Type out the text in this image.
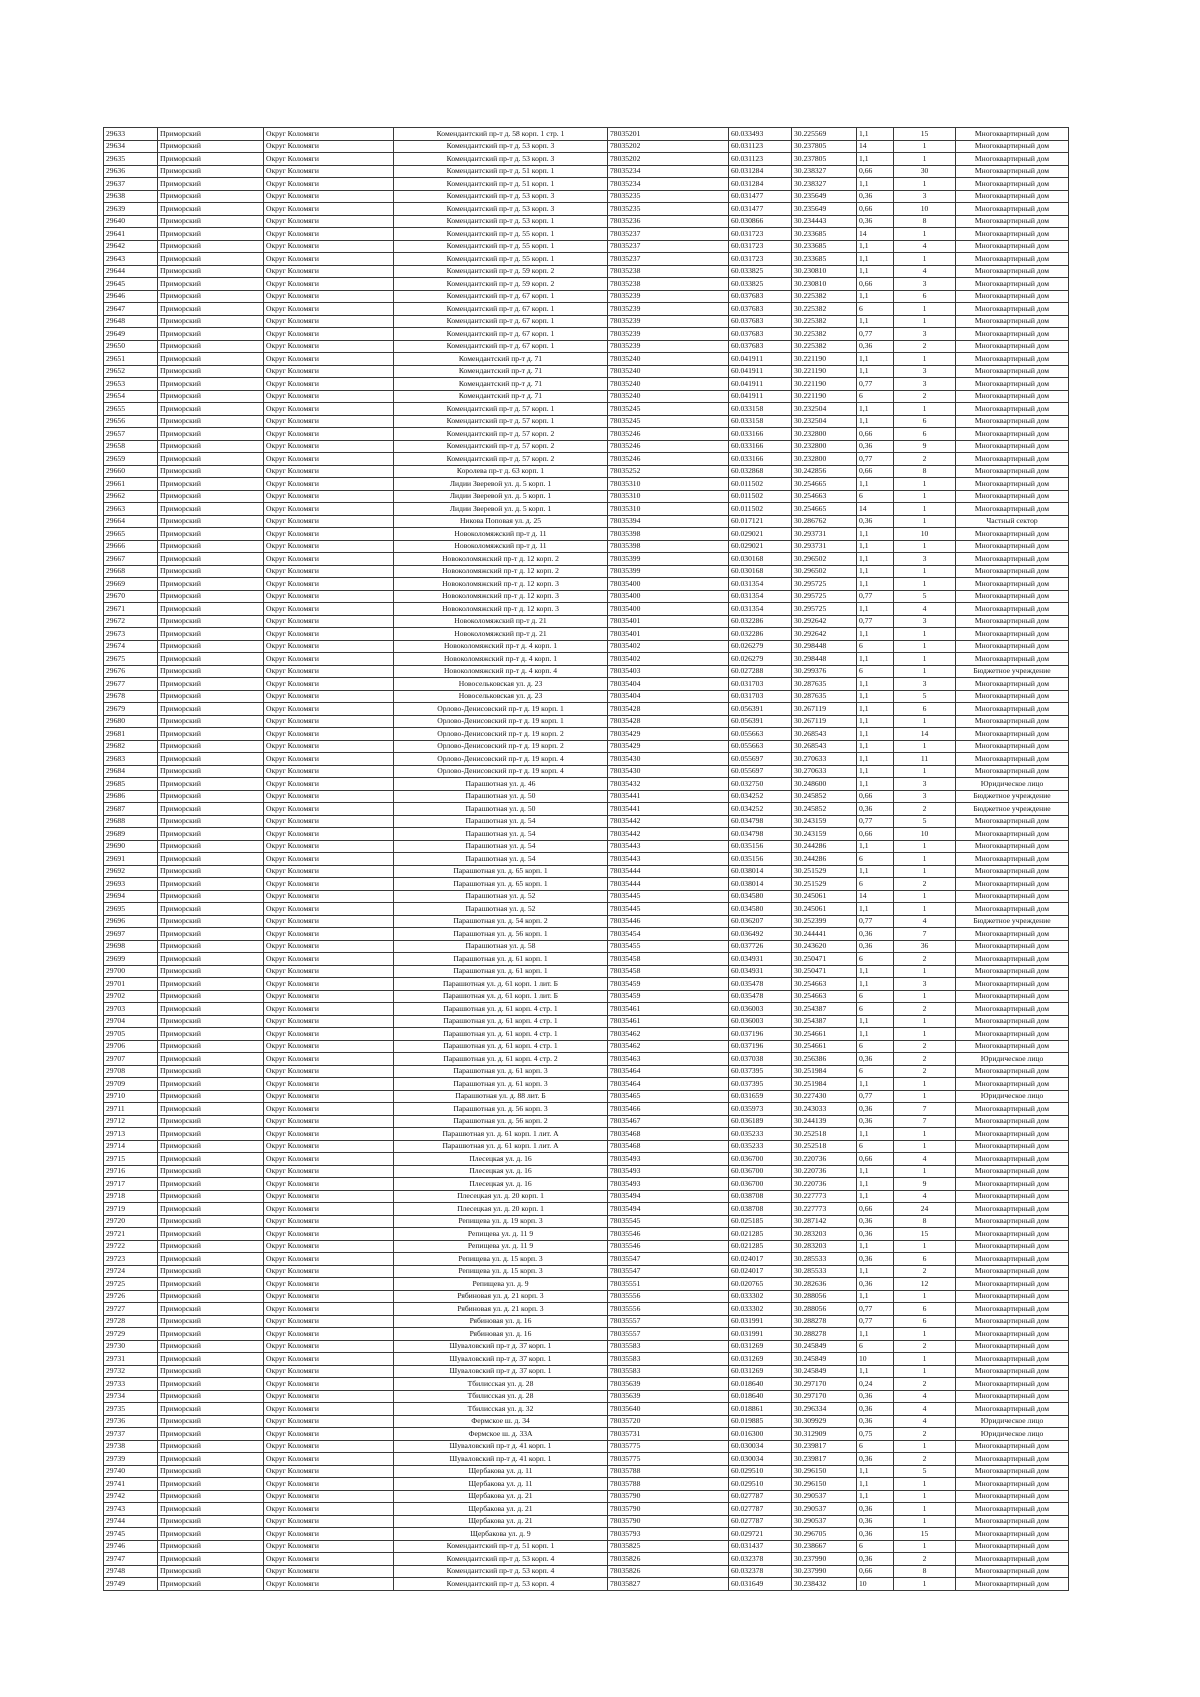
29633	Приморский	Округ Коломяги	Комендантский пр-т д. 58 корп. 1 стр. 1	78035201	60.033493	30.225569	1,1	15	Многоквартирный дом
29634	Приморский	Округ Коломяги	Комендантский пр-т д. 53 корп. 3	78035202	60.031123	30.237805	14	1	Многоквартирный дом
29635	Приморский	Округ Коломяги	Комендантский пр-т д. 53 корп. 3	78035202	60.031123	30.237805	1,1	1	Многоквартирный дом
29636	Приморский	Округ Коломяги	Комендантский пр-т д. 51 корп. 1	78035234	60.031284	30.238327	0,66	30	Многоквартирный дом
29637	Приморский	Округ Коломяги	Комендантский пр-т д. 51 корп. 1	78035234	60.031284	30.238327	1,1	1	Многоквартирный дом
29638	Приморский	Округ Коломяги	Комендантский пр-т д. 53 корп. 3	78035235	60.031477	30.235649	0,36	3	Многоквартирный дом
29639	Приморский	Округ Коломяги	Комендантский пр-т д. 53 корп. 3	78035235	60.031477	30.235649	0,66	10	Многоквартирный дом
29640	Приморский	Округ Коломяги	Комендантский пр-т д. 53 корп. 1	78035236	60.030866	30.234443	0,36	8	Многоквартирный дом
29641	Приморский	Округ Коломяги	Комендантский пр-т д. 55 корп. 1	78035237	60.031723	30.233685	14	1	Многоквартирный дом
29642	Приморский	Округ Коломяги	Комендантский пр-т д. 55 корп. 1	78035237	60.031723	30.233685	1,1	4	Многоквартирный дом
29643	Приморский	Округ Коломяги	Комендантский пр-т д. 55 корп. 1	78035237	60.031723	30.233685	1,1	1	Многоквартирный дом
29644	Приморский	Округ Коломяги	Комендантский пр-т д. 59 корп. 2	78035238	60.033825	30.230810	1,1	4	Многоквартирный дом
29645	Приморский	Округ Коломяги	Комендантский пр-т д. 59 корп. 2	78035238	60.033825	30.230810	0,66	3	Многоквартирный дом
29646	Приморский	Округ Коломяги	Комендантский пр-т д. 67 корп. 1	78035239	60.037683	30.225382	1,1	6	Многоквартирный дом
29647	Приморский	Округ Коломяги	Комендантский пр-т д. 67 корп. 1	78035239	60.037683	30.225382	6	1	Многоквартирный дом
29648	Приморский	Округ Коломяги	Комендантский пр-т д. 67 корп. 1	78035239	60.037683	30.225382	1,1	1	Многоквартирный дом
29649	Приморский	Округ Коломяги	Комендантский пр-т д. 67 корп. 1	78035239	60.037683	30.225382	0,77	3	Многоквартирный дом
29650	Приморский	Округ Коломяги	Комендантский пр-т д. 67 корп. 1	78035239	60.037683	30.225382	0,36	2	Многоквартирный дом
29651	Приморский	Округ Коломяги	Комендантский пр-т д. 71	78035240	60.041911	30.221190	1,1	1	Многоквартирный дом
29652	Приморский	Округ Коломяги	Комендантский пр-т д. 71	78035240	60.041911	30.221190	1,1	3	Многоквартирный дом
29653	Приморский	Округ Коломяги	Комендантский пр-т д. 71	78035240	60.041911	30.221190	0,77	3	Многоквартирный дом
29654	Приморский	Округ Коломяги	Комендантский пр-т д. 71	78035240	60.041911	30.221190	6	2	Многоквартирный дом
29655	Приморский	Округ Коломяги	Комендантский пр-т д. 57 корп. 1	78035245	60.033158	30.232504	1,1	1	Многоквартирный дом
29656	Приморский	Округ Коломяги	Комендантский пр-т д. 57 корп. 1	78035245	60.033158	30.232504	1,1	6	Многоквартирный дом
29657	Приморский	Округ Коломяги	Комендантский пр-т д. 57 корп. 2	78035246	60.033166	30.232800	0,66	6	Многоквартирный дом
29658	Приморский	Округ Коломяги	Комендантский пр-т д. 57 корп. 2	78035246	60.033166	30.232800	0,36	9	Многоквартирный дом
29659	Приморский	Округ Коломяги	Комендантский пр-т д. 57 корп. 2	78035246	60.033166	30.232800	0,77	2	Многоквартирный дом
29660	Приморский	Округ Коломяги	Королева пр-т д. 63 корп. 1	78035252	60.032868	30.242856	0,66	8	Многоквартирный дом
29661	Приморский	Округ Коломяги	Лидии Зверевой ул. д. 5 корп. 1	78035310	60.011502	30.254665	1,1	1	Многоквартирный дом
29662	Приморский	Округ Коломяги	Лидии Зверевой ул. д. 5 корп. 1	78035310	60.011502	30.254663	6	1	Многоквартирный дом
29663	Приморский	Округ Коломяги	Лидии Зверевой ул. д. 5 корп. 1	78035310	60.011502	30.254665	14	1	Многоквартирный дом
29664	Приморский	Округ Коломяги	Никова Поповая ул. д. 25	78035394	60.017121	30.286762	0,36	1	Частный сектор
29665	Приморский	Округ Коломяги	Новоколомяжский пр-т д. 11	78035398	60.029021	30.293731	1,1	10	Многоквартирный дом
29666	Приморский	Округ Коломяги	Новоколомяжский пр-т д. 11	78035398	60.029021	30.293731	1,1	1	Многоквартирный дом
29667	Приморский	Округ Коломяги	Новоколомяжский пр-т д. 12 корп. 2	78035399	60.030168	30.296502	1,1	3	Многоквартирный дом
29668	Приморский	Округ Коломяги	Новоколомяжский пр-т д. 12 корп. 2	78035399	60.030168	30.296502	1,1	1	Многоквартирный дом
29669	Приморский	Округ Коломяги	Новоколомяжский пр-т д. 12 корп. 3	78035400	60.031354	30.295725	1,1	1	Многоквартирный дом
29670	Приморский	Округ Коломяги	Новоколомяжский пр-т д. 12 корп. 3	78035400	60.031354	30.295725	0,77	5	Многоквартирный дом
29671	Приморский	Округ Коломяги	Новоколомяжский пр-т д. 12 корп. 3	78035400	60.031354	30.295725	1,1	4	Многоквартирный дом
29672	Приморский	Округ Коломяги	Новоколомяжский пр-т д. 21	78035401	60.032286	30.292642	0,77	3	Многоквартирный дом
29673	Приморский	Округ Коломяги	Новоколомяжский пр-т д. 21	78035401	60.032286	30.292642	1,1	1	Многоквартирный дом
29674	Приморский	Округ Коломяги	Новоколомяжский пр-т д. 4 корп. 1	78035402	60.026279	30.298448	6	1	Многоквартирный дом
29675	Приморский	Округ Коломяги	Новоколомяжский пр-т д. 4 корп. 1	78035402	60.026279	30.298448	1,1	1	Многоквартирный дом
29676	Приморский	Округ Коломяги	Новоколомяжский пр-т д. 4 корп. 4	78035403	60.027288	30.299376	6	1	Бюджетное учреждение
29677	Приморский	Округ Коломяги	Новосельковская ул. д. 23	78035404	60.031703	30.287635	1,1	3	Многоквартирный дом
29678	Приморский	Округ Коломяги	Новосельковская ул. д. 23	78035404	60.031703	30.287635	1,1	5	Многоквартирный дом
29679	Приморский	Округ Коломяги	Орлово-Денисовский пр-т д. 19 корп. 1	78035428	60.056391	30.267119	1,1	6	Многоквартирный дом
29680	Приморский	Округ Коломяги	Орлово-Денисовский пр-т д. 19 корп. 1	78035428	60.056391	30.267119	1,1	1	Многоквартирный дом
29681	Приморский	Округ Коломяги	Орлово-Денисовский пр-т д. 19 корп. 2	78035429	60.055663	30.268543	1,1	14	Многоквартирный дом
29682	Приморский	Округ Коломяги	Орлово-Денисовский пр-т д. 19 корп. 2	78035429	60.055663	30.268543	1,1	1	Многоквартирный дом
29683	Приморский	Округ Коломяги	Орлово-Денисовский пр-т д. 19 корп. 4	78035430	60.055697	30.270633	1,1	11	Многоквартирный дом
29684	Приморский	Округ Коломяги	Орлово-Денисовский пр-т д. 19 корп. 4	78035430	60.055697	30.270633	1,1	1	Многоквартирный дом
29685	Приморский	Округ Коломяги	Парашютная ул. д. 46	78035432	60.032750	30.248600	1,1	3	Юридическое лицо
29686	Приморский	Округ Коломяги	Парашютная ул. д. 50	78035441	60.034252	30.245852	0,66	3	Бюджетное учреждение
29687	Приморский	Округ Коломяги	Парашютная ул. д. 50	78035441	60.034252	30.245852	0,36	2	Бюджетное учреждение
29688	Приморский	Округ Коломяги	Парашютная ул. д. 54	78035442	60.034798	30.243159	0,77	5	Многоквартирный дом
29689	Приморский	Округ Коломяги	Парашютная ул. д. 54	78035442	60.034798	30.243159	0,66	10	Многоквартирный дом
29690	Приморский	Округ Коломяги	Парашютная ул. д. 54	78035443	60.035156	30.244286	1,1	1	Многоквартирный дом
29691	Приморский	Округ Коломяги	Парашютная ул. д. 54	78035443	60.035156	30.244286	6	1	Многоквартирный дом
29692	Приморский	Округ Коломяги	Парашютная ул. д. 65 корп. 1	78035444	60.038014	30.251529	1,1	1	Многоквартирный дом
29693	Приморский	Округ Коломяги	Парашютная ул. д. 65 корп. 1	78035444	60.038014	30.251529	6	2	Многоквартирный дом
29694	Приморский	Округ Коломяги	Парашютная ул. д. 52	78035445	60.034580	30.245061	14	1	Многоквартирный дом
29695	Приморский	Округ Коломяги	Парашютная ул. д. 52	78035445	60.034580	30.245061	1,1	1	Многоквартирный дом
29696	Приморский	Округ Коломяги	Парашютная ул. д. 54 корп. 2	78035446	60.036207	30.252399	0,77	4	Бюджетное учреждение
29697	Приморский	Округ Коломяги	Парашютная ул. д. 56 корп. 1	78035454	60.036492	30.244441	0,36	7	Многоквартирный дом
29698	Приморский	Округ Коломяги	Парашютная ул. д. 58	78035455	60.037726	30.243620	0,36	36	Многоквартирный дом
29699	Приморский	Округ Коломяги	Парашютная ул. д. 61 корп. 1	78035458	60.034931	30.250471	6	2	Многоквартирный дом
29700	Приморский	Округ Коломяги	Парашютная ул. д. 61 корп. 1	78035458	60.034931	30.250471	1,1	1	Многоквартирный дом
29701	Приморский	Округ Коломяги	Парашютная ул. д. 61 корп. 1 лит. Б	78035459	60.035478	30.254663	1,1	3	Многоквартирный дом
29702	Приморский	Округ Коломяги	Парашютная ул. д. 61 корп. 1 лит. Б	78035459	60.035478	30.254663	6	1	Многоквартирный дом
29703	Приморский	Округ Коломяги	Парашютная ул. д. 61 корп. 4 стр. 1	78035461	60.036003	30.254387	6	2	Многоквартирный дом
29704	Приморский	Округ Коломяги	Парашютная ул. д. 61 корп. 4 стр. 1	78035461	60.036003	30.254387	1,1	1	Многоквартирный дом
29705	Приморский	Округ Коломяги	Парашютная ул. д. 61 корп. 4 стр. 1	78035462	60.037196	30.254661	1,1	1	Многоквартирный дом
29706	Приморский	Округ Коломяги	Парашютная ул. д. 61 корп. 4 стр. 1	78035462	60.037196	30.254661	6	2	Многоквартирный дом
29707	Приморский	Округ Коломяги	Парашютная ул. д. 61 корп. 4 стр. 2	78035463	60.037038	30.256386	0,36	2	Юридическое лицо
29708	Приморский	Округ Коломяги	Парашютная ул. д. 61 корп. 3	78035464	60.037395	30.251984	6	2	Многоквартирный дом
29709	Приморский	Округ Коломяги	Парашютная ул. д. 61 корп. 3	78035464	60.037395	30.251984	1,1	1	Многоквартирный дом
29710	Приморский	Округ Коломяги	Парашютная ул. д. 88 лит. Б	78035465	60.031659	30.227430	0,77	1	Юридическое лицо
29711	Приморский	Округ Коломяги	Парашютная ул. д. 56 корп. 3	78035466	60.035973	30.243033	0,36	7	Многоквартирный дом
29712	Приморский	Округ Коломяги	Парашютная ул. д. 56 корп. 2	78035467	60.036189	30.244139	0,36	7	Многоквартирный дом
29713	Приморский	Округ Коломяги	Парашютная ул. д. 61 корп. 1 лит. А	78035468	60.035233	30.252518	1,1	1	Многоквартирный дом
29714	Приморский	Округ Коломяги	Парашютная ул. д. 61 корп. 1 лит. А	78035468	60.035233	30.252518	6	1	Многоквартирный дом
29715	Приморский	Округ Коломяги	Плесецкая ул. д. 16	78035493	60.036700	30.220736	0,66	4	Многоквартирный дом
29716	Приморский	Округ Коломяги	Плесецкая ул. д. 16	78035493	60.036700	30.220736	1,1	1	Многоквартирный дом
29717	Приморский	Округ Коломяги	Плесецкая ул. д. 16	78035493	60.036700	30.220736	1,1	9	Многоквартирный дом
29718	Приморский	Округ Коломяги	Плесецкая ул. д. 20 корп. 1	78035494	60.038708	30.227773	1,1	4	Многоквартирный дом
29719	Приморский	Округ Коломяги	Плесецкая ул. д. 20 корп. 1	78035494	60.038708	30.227773	0,66	24	Многоквартирный дом
29720	Приморский	Округ Коломяги	Репищева ул. д. 19 корп. 3	78035545	60.025185	30.287142	0,36	8	Многоквартирный дом
29721	Приморский	Округ Коломяги	Репищева ул. д. 11 9	78035546	60.021285	30.283203	0,36	15	Многоквартирный дом
29722	Приморский	Округ Коломяги	Репищева ул. д. 11 9	78035546	60.021285	30.283203	1,1	1	Многоквартирный дом
29723	Приморский	Округ Коломяги	Репищева ул. д. 15 корп. 3	78035547	60.024017	30.285533	0,36	6	Многоквартирный дом
29724	Приморский	Округ Коломяги	Репищева ул. д. 15 корп. 3	78035547	60.024017	30.285533	1,1	2	Многоквартирный дом
29725	Приморский	Округ Коломяги	Репищева ул. д. 9	78035551	60.020765	30.282636	0,36	12	Многоквартирный дом
29726	Приморский	Округ Коломяги	Рябиновая ул. д. 21 корп. 3	78035556	60.033302	30.288056	1,1	1	Многоквартирный дом
29727	Приморский	Округ Коломяги	Рябиновая ул. д. 21 корп. 3	78035556	60.033302	30.288056	0,77	6	Многоквартирный дом
29728	Приморский	Округ Коломяги	Рябиновая ул. д. 16	78035557	60.031991	30.288278	0,77	6	Многоквартирный дом
29729	Приморский	Округ Коломяги	Рябиновая ул. д. 16	78035557	60.031991	30.288278	1,1	1	Многоквартирный дом
29730	Приморский	Округ Коломяги	Шуваловский пр-т д. 37 корп. 1	78035583	60.031269	30.245849	6	2	Многоквартирный дом
29731	Приморский	Округ Коломяги	Шуваловский пр-т д. 37 корп. 1	78035583	60.031269	30.245849	10	1	Многоквартирный дом
29732	Приморский	Округ Коломяги	Шуваловский пр-т д. 37 корп. 1	78035583	60.031269	30.245849	1,1	1	Многоквартирный дом
29733	Приморский	Округ Коломяги	Тбилисская ул. д. 28	78035639	60.018640	30.297170	0,24	2	Многоквартирный дом
29734	Приморский	Округ Коломяги	Тбилисская ул. д. 28	78035639	60.018640	30.297170	0,36	4	Многоквартирный дом
29735	Приморский	Округ Коломяги	Тбилисская ул. д. 32	78035640	60.018861	30.296334	0,36	4	Многоквартирный дом
29736	Приморский	Округ Коломяги	Фермское ш. д. 34	78035720	60.019885	30.309929	0,36	4	Юридическое лицо
29737	Приморский	Округ Коломяги	Фермское ш. д. 33А	78035731	60.016300	30.312909	0,75	2	Юридическое лицо
29738	Приморский	Округ Коломяги	Шуваловский пр-т д. 41 корп. 1	78035775	60.030034	30.239817	6	1	Многоквартирный дом
29739	Приморский	Округ Коломяги	Шуваловский пр-т д. 41 корп. 1	78035775	60.030034	30.239817	0,36	2	Многоквартирный дом
29740	Приморский	Округ Коломяги	Щербакова ул. д. 11	78035788	60.029510	30.296150	1,1	5	Многоквартирный дом
29741	Приморский	Округ Коломяги	Щербакова ул. д. 11	78035788	60.029510	30.296150	1,1	1	Многоквартирный дом
29742	Приморский	Округ Коломяги	Щербакова ул. д. 21	78035790	60.027787	30.290537	1,1	1	Многоквартирный дом
29743	Приморский	Округ Коломяги	Щербакова ул. д. 21	78035790	60.027787	30.290537	0,36	1	Многоквартирный дом
29744	Приморский	Округ Коломяги	Щербакова ул. д. 21	78035790	60.027787	30.290537	0,36	1	Многоквартирный дом
29745	Приморский	Округ Коломяги	Щербакова ул. д. 9	78035793	60.029721	30.296705	0,36	15	Многоквартирный дом
29746	Приморский	Округ Коломяги	Комендантский пр-т д. 51 корп. 1	78035825	60.031437	30.238667	6	1	Многоквартирный дом
29747	Приморский	Округ Коломяги	Комендантский пр-т д. 53 корп. 4	78035826	60.032378	30.237990	0,36	2	Многоквартирный дом
29748	Приморский	Округ Коломяги	Комендантский пр-т д. 53 корп. 4	78035826	60.032378	30.237990	0,66	8	Многоквартирный дом
29749	Приморский	Округ Коломяги	Комендантский пр-т д. 53 корп. 4	78035827	60.031649	30.238432	10	1	Многоквартирный дом
